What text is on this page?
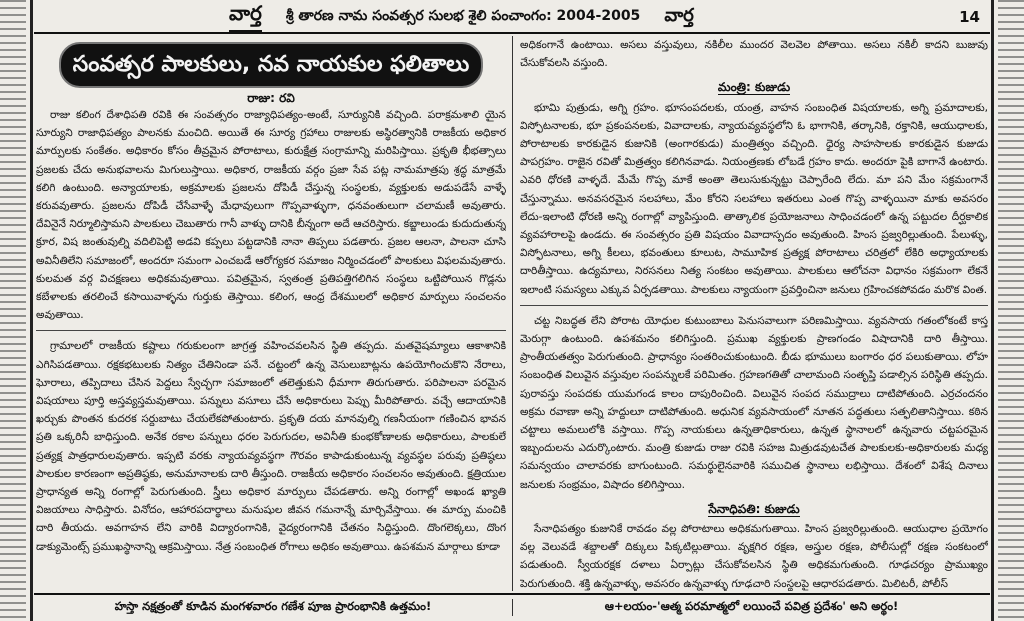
వార్త శ్రీ తారణ నామ సంవత్సర సులభ శైలి పంచాంగం: 2004-2005 వార్త	14
సంవత్సర పాలకులు, నవ నాయకుల ఫలితాలు
రాజు: రవి

రాజు కలింగ దేశాధిపతి రవికి ఈ సంవత్సరం రాజ్యాధిపత్యం-అంటే, సూర్యునికి వచ్చింది. పరాక్రమశాలి యైన సూర్యుని రాజాధిపత్యం పాలనకు మంచిది. అయితే ఈ సూర్య గ్రహాలు రాజులకు అస్థిరత్వానికి రాజకీయ అధికార మార్పులకు సంకేతం. అధికారం కోసం తీవ్రమైన పోరాటాలు, కురుక్షేత్ర సంగ్రామాన్ని మరిపిస్తాయి. ప్రకృతి భీభత్సాలు ప్రజలకు చేదు అనుభవాలను మిగులుస్తాయి. అధికార, రాజకీయ వర్గం ప్రజా సేవ పట్ల నామమాత్రపు శ్రద్ధ మాత్రమే కలిగి ఉంటుంది. అన్యాయాలకు, అక్రమాలకు ప్రజలను దోపిడీ చేస్తున్న సంస్థలకు, వ్యక్తులకు అడుపడేసే వాళ్ళే కరువవుతారు. ప్రజలను దోపిడీ చేసేవాళ్ళే మేధావులుగా గొప్పవాళ్ళుగా, ధనవంతులుగా చలామణీ అవుతారు. దేవినైనే నిర్మూలిస్తామని పాలకులు చెబుతారు గానీ వాళ్ళు దానికి బీన్నంగా అదే ఆచరిస్తారు. కబ్జాలుండు కుదుదుతున్న క్రూర, విష జంతువుల్ని వదిలిపెట్టి అడవి కప్పలు పట్టడానికి నానా తిప్పలు పడతారు. ప్రజల ఆలనా, పాలనా చూసి అవినీతిలేని సమాజంలో, అందరూ సమంగా ఎంచబడే ఆరోగ్యకర సమాజం నిర్మించడంలో పాలకులు విఫలమవుతారు. కులమత వర్గ విచక్షణలు అధికమవుతాయి. పవిత్రమైన, స్వతంత్ర ప్రతిపత్తిగలిగిన సంస్థలు ఒట్టిపోయిన గొడ్లను కబేళాలకు తరలించే కసాయివాళ్ళను గుర్తుకు తెస్తాయి. కలింగ, ఆంధ్ర దేశములలో అధికార మార్పులు సంచలనం అవుతాయి.

గ్రామాలలో రాజకీయ కష్టాలు గరుకులంగా జాగ్రత్త వహించవలసిన స్థితి తప్పదు. మతవైషమ్యాలు ఆకాశానికి ఎగిసిపడతాయి. రక్షకభటులకు నిత్యం చేతినిండా పనే. చట్టంలో ఉన్న వెసులుబాట్లను ఉపయోగించుకొని నేరాలు, ఘోరాలు, తప్పిదాలు చేసిన పెద్దలు స్వేచ్ఛగా సమాజంలో తలెత్తుకుని ధీమాగా తిరుగుతారు. పరిపాలనా పరమైన విషయాలు పూర్తి అస్తవ్యస్తమవుతాయి. పన్నులు వసూలు చేసే అధికారులు పెప్పు మీరిపోతారు. వచ్చే ఆదాయానికి ఖర్చుకు పొంతన కుదరక సర్దుబాటు చేయలేకపోతుంటారు. ప్రకృతి దయ మానవుల్ని గణనీయంగా గణించిన భావన ప్రతి ఒక్కరినీ బాధిస్తుంది. అనేక రకాల పన్నులు ధరల పెరుగుదల, అవినీతి కుంభకోణాలకు అధికారులు, పాలకులే ప్రత్యక్ష పాత్రధారులవుతారు. ఇప్పటి వరకు న్యాయవ్యవస్థగా గౌరవం కాపాడుకుంటున్న వ్యవస్థల పరువు ప్రతిష్ఠలు పాలకుల కారణంగా అప్రతిష్ఠకు, అనుమానాలకు దారి తీస్తుంది. రాజకీయ అధికారం సంచలనం అవుతుంది. క్షత్రియుల ప్రాధాన్యత అన్ని రంగాల్లో పెరుగుతుంది. స్త్రీలు అధికార మార్పులు చేపడతారు. అన్ని రంగాల్లో అఖండ ఖ్యాతి విజయాలు సాధిస్తారు. వినోదం, ఆహారపదార్థాలు మనుషుల జీవన గమనాన్నే మార్చివేస్తాయి. ఈ మార్పు మంచికి దారి తీయదు. అవగాహన లేని వారికి విద్యారంగానికి, వైద్యరంగానికి చేతనం సిద్ధిస్తుంది. దొంగలెక్కలు, దొంగ డాక్యుమెంట్స్ ప్రముఖస్థానాన్ని ఆక్రమిస్తాయి. నేత్ర సంబంధిత రోగాలు అధికం అవుతాయి. ఉపశమన మార్గాలు కూడా

అధికంగానే ఉంటాయి. అసలు వస్తువులు, నకిలీల ముందర వెలవెల పోతాయి. అసలు నకిలీ కాదని బుజువు చేసుకోవలసి వస్తుంది.

మంత్రి: కుజుడు

భూమి పుత్రుడు, అగ్ని గ్రహం. భూసంపదలకు, యంత్ర, వాహన సంబంధిత విషయాలకు, అగ్ని ప్రమాదాలకు, విస్ఫోటనాలకు, భూ ప్రకంపనలకు, వివాదాలకు, న్యాయవ్యవస్థలోని ఓ భాగానికి, తర్కానికి, రక్తానికి, ఆయుధాలకు, పోరాటాలకు కారకుడైన కుజునికి (అంగారకుడు) మంత్రిత్వం వచ్చింది. ధైర్య సాహసాలకు కారకుడైన కుజుడు పాపగ్రహం. రాజైన రవితో మిత్రత్వం కలిగినవాడు. నియంత్రణకు లోబడే గ్రహం కాదు. అందరూ పైకి బాగానే ఉంటారు. ఎవరి ధోరణి వాళ్ళదే. మేమే గొప్ప మాకే అంతా తెలుసుకున్నట్టు చెప్పారేంది లేదు. మా పని మేం సక్రమంగానే చేస్తున్నాము. అనవసరమైన సలహాలు, మేం కోరని సలహాలు ఇతరులు ఎంత గొప్ప వాళ్ళయినా మాకు అవసరం లేదు-ఇలాంటి ధోరణి అన్ని రంగాల్లో వ్యాపిస్తుంది. తాత్కాలిక ప్రయోజనాలు సాధించడంలో ఉన్న పట్టుదల దీర్ఘకాలిక వ్యవహారాలపై ఉండదు. ఈ సంవత్సరం ప్రతి విషయం వివాదాస్పదం అవుతుంది. హింస ప్రజ్వరిల్లుతుంది. పేలుళ్ళు, విస్ఫోటనాలు, అగ్ని కీలలు, భవంతులు కూలుట, సామూహిక ప్రత్యక్ష పోరాటాలు చరిత్రలో లేకిరి అధ్యాయాలకు దారితీస్తాయి. ఉద్యమాలు, నిరసనలు నిత్య సంకటం అవుతాయి. పాలకులు ఆలోచనా విధానం సక్రమంగా లేకనే ఇలాంటి సమస్యలు ఎక్కువ ఏర్పడతాయి. పాలకులు న్యాయంగా ప్రవర్తించినా జనులు గ్రహించకపోవడం మరొక వింత.

చట్ట నిబద్ధత లేని పోరాట యోధుల కుటుంబాలు పెనుసవాలుగా పరిణమిస్తాయి. వ్యవసాయ గతంలోకంటే కాస్త మెరుగ్గా ఉంటుంది. ఉపశమనం కలిగిస్తుంది. ప్రముఖ వ్యక్తులకు ప్రాణగండం విషాదానికి దారి తీస్తాయి. ప్రాంతీయతత్వం పెరుగుతుంది. ప్రాధాన్యం సంతరించుకుంటుంది. బీడు భూములు బంగారం ధర పలుకుతాయి. లోహ సంబంధిత విలువైన వస్తువుల సంపన్నులకే పరిమితం. గ్రహణగతితో చాలామంది సంతృప్తి పడాల్సిన పరిస్థితి తప్పదు. పురావస్తు సంపదకు యుమగండ కాలం దాపురించింది. విలువైన సంపద సముద్రాలు దాటిపోతుంది. ఎర్రచందనం అక్రమ రవాణా అన్ని హద్దులూ దాటిపోతుంది. అధునిక వ్యవసాయంలో నూతన పద్ధతులు సత్ఫలితానిస్తాయి. కఠిన చట్టాలు అమలులోకి వస్తాయి. గొప్ప నాయకులు ఉన్నతాధికారులు, ఉన్నత స్థానాలలో ఉన్నవారు చట్టపరమైన ఇబ్బందులను ఎదుర్కొంటారు. మంత్రి కుజుడు రాజు రవికి సహజ మిత్రుడవుటచేత పాలకులకు-అధికారులకు మధ్య సమన్వయం చాలావరకు బాగుంటుంది. సమర్థులైనవారికి సముచిత స్థానాలు లభిస్తాయి. దేశంలో విశేష దినాలు జనులకు సంభ్రమం, విషాదం కలిగిస్తాయి.

సేనాధిపతి: కుజుడు

సేనాధిపత్యం కుజునికే రావడం వల్ల పోరాటాలు అధికమగుతాయి. హింస ప్రజ్వరిల్లుతుంది. ఆయుధాల ప్రయోగం వల్ల వెలువడే శబ్దాలతో దిక్కులు పిక్కటిల్లుతాయి. వృక్షగిర రక్షణ, అస్త్రుల రక్షణ, పోలీసుల్లో రక్షణ సంకటంలో పడుతుంది. స్వీయరక్షక దళాలు ఏర్పాట్లు చేసుకోవలసిన స్థితి అధికమగుతుంది. గూఢచర్యం ప్రాముఖ్యం పెరుగుతుంది. శక్తి ఉన్నవాళ్ళు, అవసరం ఉన్నవాళ్ళు గూఢచారి సంస్థలపై ఆధారపడతారు. మిలిటరీ, పోలీస్

హస్తా నక్షత్రంతో కూడిన మంగళవారం గణేశ పూజ ప్రారంభానికి ఉత్తమం!	ఆ+లయం-'ఆత్మ పరమాత్మలో లయించే పవిత్ర ప్రదేశం' అని అర్థం!
